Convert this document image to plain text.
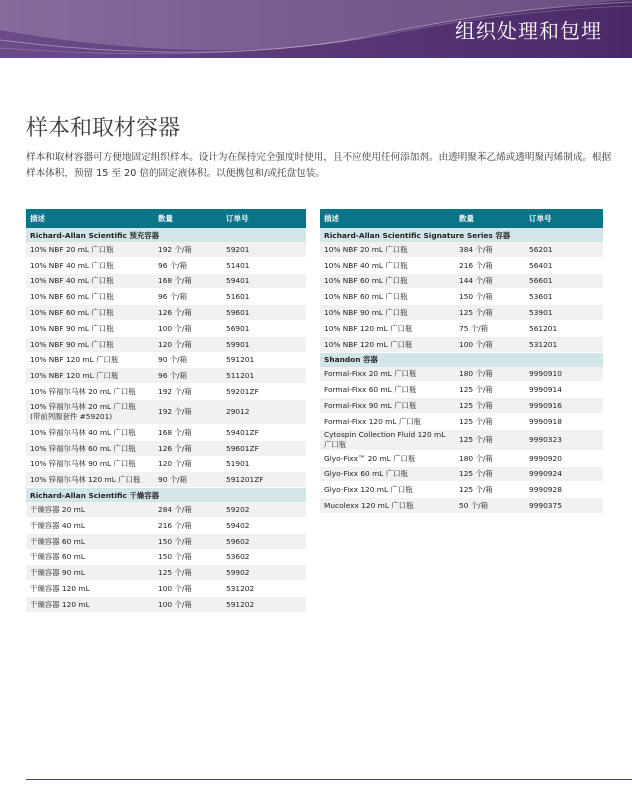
组织处理和包埋
样本和取材容器

样本和取材容器可方便地固定组织样本。设计为在保持完全强度时使用，且不应使用任何添加剂。由透明聚苯乙烯或透明聚丙烯制成。根据样本体积，预留 15 至 20 倍的固定液体积。以便携包和/或托盘包装。

描述	数量	订单号
Richard-Allan Scientific 预充容器		
10% NBF 20 mL 广口瓶	192 个/箱	59201
10% NBF 40 mL 广口瓶	96 个/箱	51401
10% NBF 40 mL 广口瓶	168 个/箱	59401
10% NBF 60 mL 广口瓶	96 个/箱	51601
10% NBF 60 mL 广口瓶	126 个/箱	59601
10% NBF 90 mL 广口瓶	100 个/箱	56901
10% NBF 90 mL 广口瓶	120 个/箱	59901
10% NBF 120 mL 广口瓶	90 个/箱	591201
10% NBF 120 mL 广口瓶	96 个/箱	511201
10% 锌福尔马林 20 mL 广口瓶	192 个/箱	59201ZF
10% 锌福尔马林 20 mL 广口瓶
(带前列腺套件 #59201)	192 个/箱	29012
10% 锌福尔马林 40 mL 广口瓶	168 个/箱	59401ZF
10% 锌福尔马林 60 mL 广口瓶	126 个/箱	59601ZF
10% 锌福尔马林 90 mL 广口瓶	120 个/箱	51901
10% 锌福尔马林 120 mL 广口瓶	90 个/箱	591201ZF
Richard-Allan Scientific 干燥容器		
干燥容器 20 mL	284 个/箱	59202
干燥容器 40 mL	216 个/箱	59402
干燥容器 60 mL	150 个/箱	59602
干燥容器 60 mL	150 个/箱	53602
干燥容器 90 mL	125 个/箱	59902
干燥容器 120 mL	100 个/箱	531202
干燥容器 120 mL	100 个/箱	591202
描述	数量	订单号
Richard-Allan Scientific Signature Series 容器		
10% NBF 20 mL 广口瓶	384 个/箱	56201
10% NBF 40 mL 广口瓶	216 个/箱	56401
10% NBF 60 mL 广口瓶	144 个/箱	56601
10% NBF 60 mL 广口瓶	150 个/箱	53601
10% NBF 90 mL 广口瓶	125 个/箱	53901
10% NBF 120 mL 广口瓶	75 个/箱	561201
10% NBF 120 mL 广口瓶	100 个/箱	531201
Shandon 容器		
Formal-Fixx 20 mL 广口瓶	180 个/箱	9990910
Formal-Fixx 60 mL 广口瓶	125 个/箱	9990914
Formal-Fixx 90 mL 广口瓶	125 个/箱	9990916
Formal-Fixx 120 mL 广口瓶	125 个/箱	9990918
Cytospin Collection Fluid 120 mL 广口瓶	125 个/箱	9990323
Glyo-Fixx™ 20 mL 广口瓶	180 个/箱	9990920
Glyo-Fixx 60 mL 广口瓶	125 个/箱	9990924
Glyo-Fixx 120 mL 广口瓶	125 个/箱	9990928
Mucolexx 120 mL 广口瓶	50 个/箱	9990375
